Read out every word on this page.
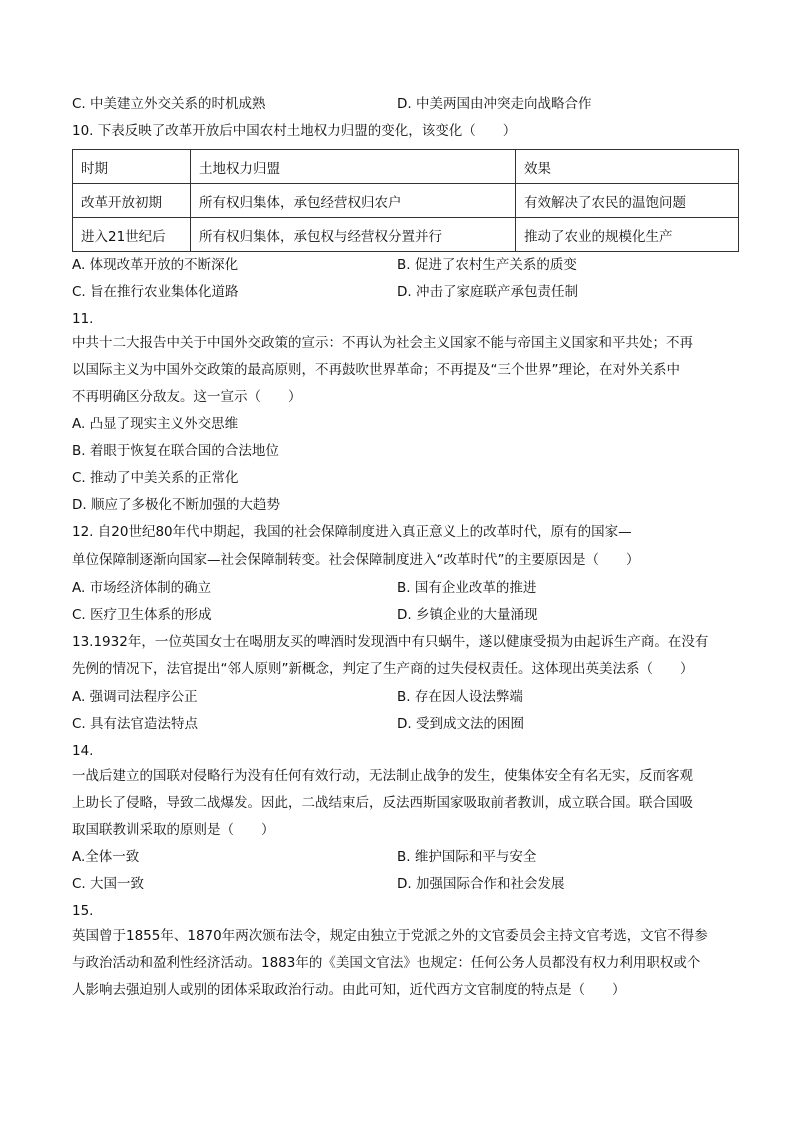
C. 中美建立外交关系的时机成熟	D. 中美两国由冲突走向战略合作
10. 下表反映了改革开放后中国农村土地权力归盟的变化，该变化（　　）
时期	土地权力归盟	效果
改革开放初期	所有权归集体，承包经营权归农户	有效解决了农民的温饱问题
进入21世纪后	所有权归集体，承包权与经营权分置并行	推动了农业的规模化生产
A. 体现改革开放的不断深化	B. 促进了农村生产关系的质变
C. 旨在推行农业集体化道路	D. 冲击了家庭联产承包责任制
11.
中共十二大报告中关于中国外交政策的宣示：不再认为社会主义国家不能与帝国主义国家和平共处；不再
以国际主义为中国外交政策的最高原则，不再鼓吹世界革命；不再提及“三个世界”理论，在对外关系中
不再明确区分敌友。这一宣示（　　）
A. 凸显了现实主义外交思维
B. 着眼于恢复在联合国的合法地位
C. 推动了中美关系的正常化
D. 顺应了多极化不断加强的大趋势
12. 自20世纪80年代中期起，我国的社会保障制度进入真正意义上的改革时代，原有的国家—
单位保障制逐渐向国家—社会保障制转变。社会保障制度进入“改革时代”的主要原因是（　　）
A. 市场经济体制的确立	B. 国有企业改革的推进
C. 医疗卫生体系的形成	D. 乡镇企业的大量涌现
13.1932年，一位英国女士在喝朋友买的啤酒时发现酒中有只蜗牛，遂以健康受损为由起诉生产商。在没有
先例的情况下，法官提出“邻人原则”新概念，判定了生产商的过失侵权责任。这体现出英美法系（　　）
A. 强调司法程序公正	B. 存在因人设法弊端
C. 具有法官造法特点	D. 受到成文法的困囿
14.
一战后建立的国联对侵略行为没有任何有效行动，无法制止战争的发生，使集体安全有名无实，反而客观
上助长了侵略，导致二战爆发。因此，二战结束后，反法西斯国家吸取前者教训，成立联合国。联合国吸
取国联教训采取的原则是（　　）
A.全体一致	B. 维护国际和平与安全
C. 大国一致	D. 加强国际合作和社会发展
15.
英国曾于1855年、1870年两次颁布法令，规定由独立于党派之外的文官委员会主持文官考选，文官不得参
与政治活动和盈利性经济活动。1883年的《美国文官法》也规定：任何公务人员都没有权力利用职权或个
人影响去强迫别人或别的团体采取政治行动。由此可知，近代西方文官制度的特点是（　　）
